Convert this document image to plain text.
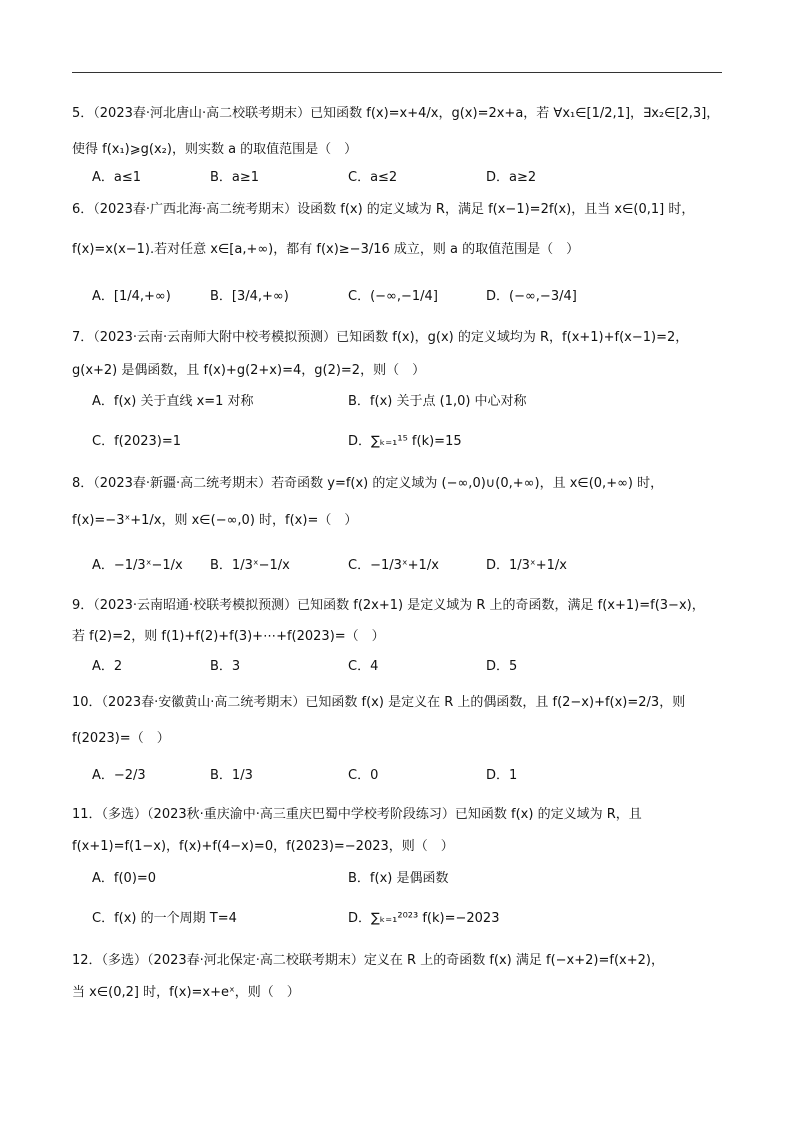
5．（2023春·河北唐山·高二校联考期末）已知函数 f(x)=x+4/x，g(x)=2x+a，若 ∀x₁∈[1/2,1]，∃x₂∈[2,3]，
使得 f(x₁)⩾g(x₂)，则实数 a 的取值范围是（　）
A．a≤1	B．a≥1	C．a≤2	D．a≥2
6．（2023春·广西北海·高二统考期末）设函数 f(x) 的定义域为 R，满足 f(x−1)=2f(x)，且当 x∈(0,1] 时，
f(x)=x(x−1).若对任意 x∈[a,+∞)，都有 f(x)≥−3/16 成立，则 a 的取值范围是（　）
A．[1/4,+∞)	B．[3/4,+∞)	C．(−∞,−1/4]	D．(−∞,−3/4]
7．（2023·云南·云南师大附中校考模拟预测）已知函数 f(x)，g(x) 的定义域均为 R，f(x+1)+f(x−1)=2，
g(x+2) 是偶函数，且 f(x)+g(2+x)=4，g(2)=2，则（　）
A．f(x) 关于直线 x=1 对称	B．f(x) 关于点 (1,0) 中心对称
C．f(2023)=1	D．∑ₖ₌₁¹⁵ f(k)=15
8．（2023春·新疆·高二统考期末）若奇函数 y=f(x) 的定义域为 (−∞,0)∪(0,+∞)，且 x∈(0,+∞) 时，
f(x)=−3ˣ+1/x，则 x∈(−∞,0) 时，f(x)=（　）
A．−1/3ˣ−1/x B．1/3ˣ−1/x	C．−1/3ˣ+1/x	D．1/3ˣ+1/x
9．（2023·云南昭通·校联考模拟预测）已知函数 f(2x+1) 是定义域为 R 上的奇函数，满足 f(x+1)=f(3−x)，
若 f(2)=2，则 f(1)+f(2)+f(3)+⋯+f(2023)=（　）
A．2	B．3	C．4	D．5
10．（2023春·安徽黄山·高二统考期末）已知函数 f(x) 是定义在 R 上的偶函数，且 f(2−x)+f(x)=2/3，则
f(2023)=（　）
A．−2/3	B．1/3	C．0	D．1
11．（多选）（2023秋·重庆渝中·高三重庆巴蜀中学校考阶段练习）已知函数 f(x) 的定义域为 R，且
f(x+1)=f(1−x)，f(x)+f(4−x)=0，f(2023)=−2023，则（　）
A．f(0)=0	B．f(x) 是偶函数
C．f(x) 的一个周期 T=4	D．∑ₖ₌₁²⁰²³ f(k)=−2023
12．（多选）（2023春·河北保定·高二校联考期末）定义在 R 上的奇函数 f(x) 满足 f(−x+2)=f(x+2)，
当 x∈(0,2] 时，f(x)=x+eˣ，则（　）
